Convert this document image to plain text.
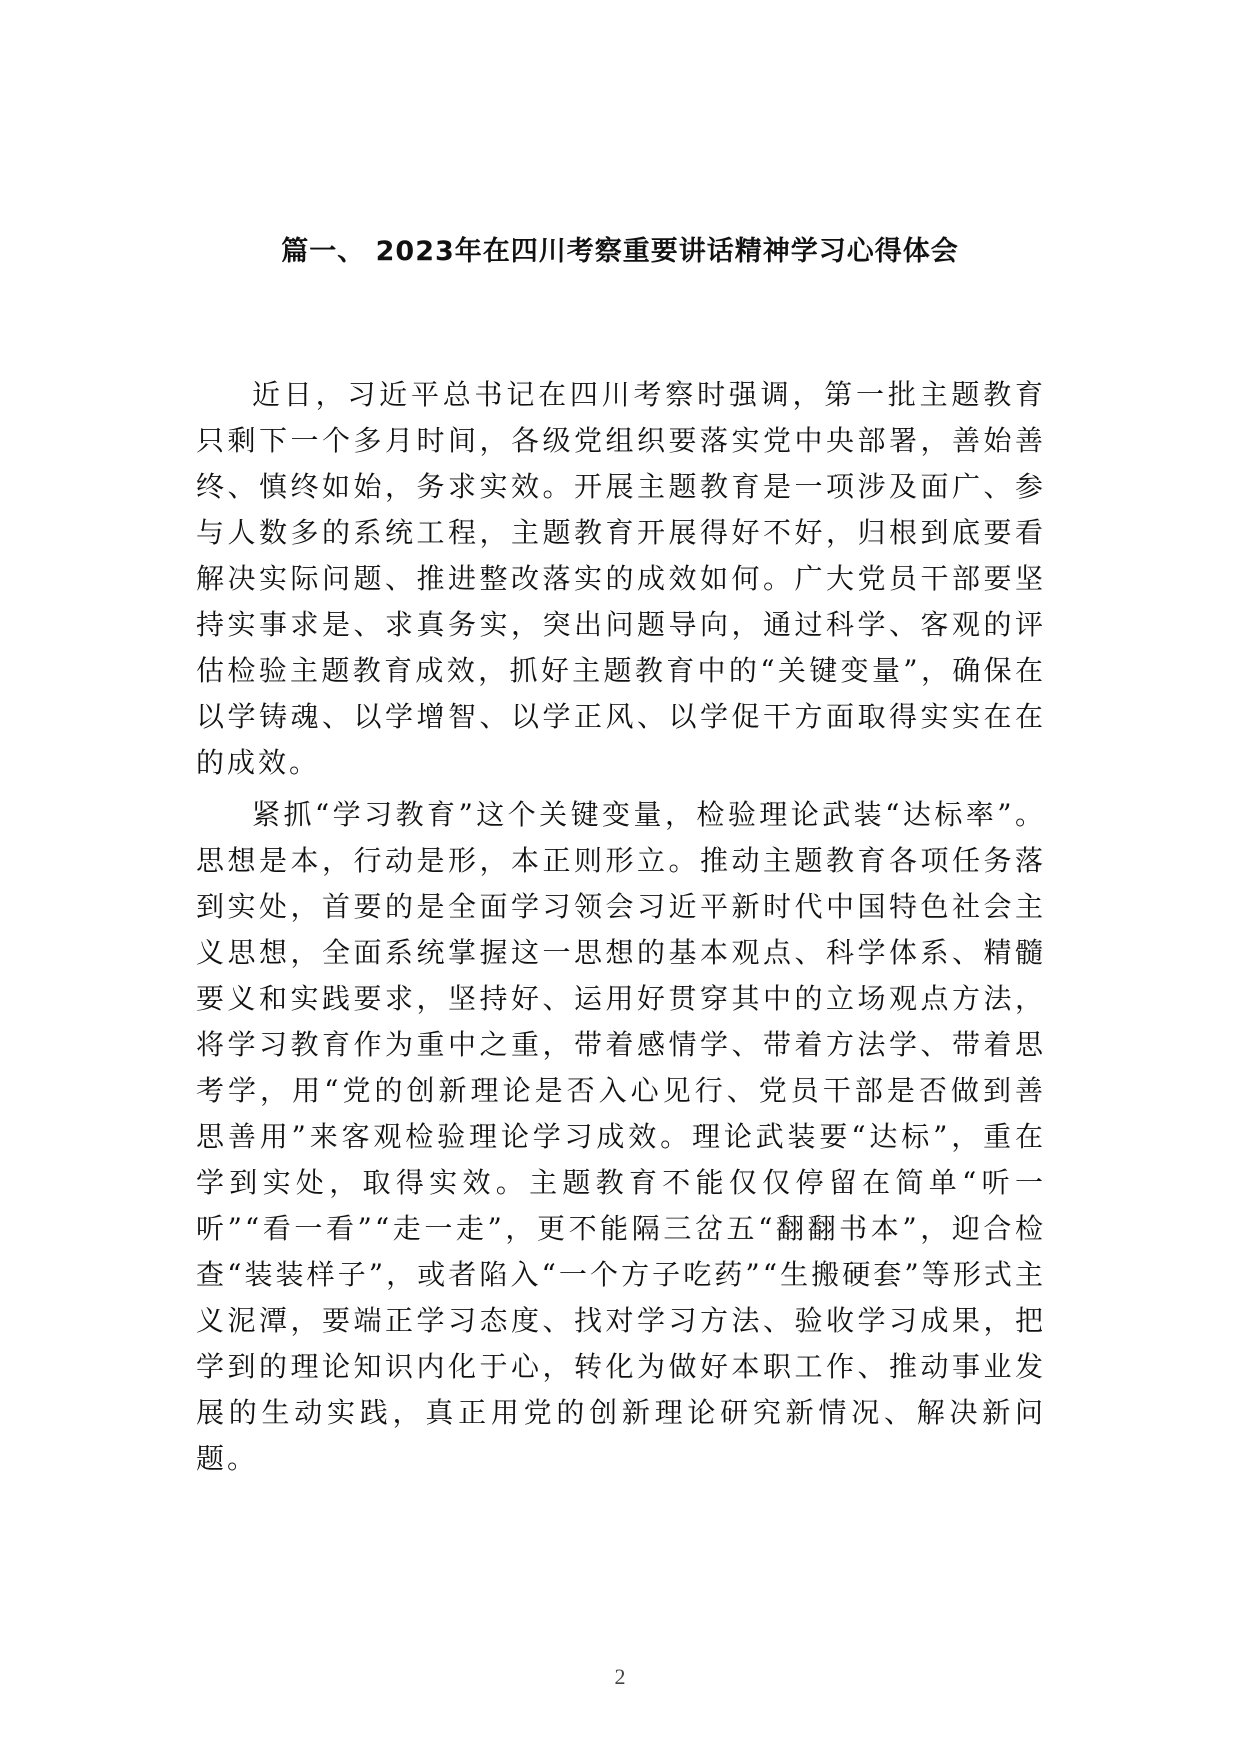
篇一、 2023年在四川考察重要讲话精神学习心得体会

近日，习近平总书记在四川考察时强调，第一批主题教育只剩下一个多月时间，各级党组织要落实党中央部署，善始善终、慎终如始，务求实效。开展主题教育是一项涉及面广、参与人数多的系统工程，主题教育开展得好不好，归根到底要看解决实际问题、推进整改落实的成效如何。广大党员干部要坚持实事求是、求真务实，突出问题导向，通过科学、客观的评估检验主题教育成效，抓好主题教育中的“关键变量”，确保在以学铸魂、以学增智、以学正风、以学促干方面取得实实在在的成效。

紧抓“学习教育”这个关键变量，检验理论武装“达标率”。思想是本，行动是形，本正则形立。推动主题教育各项任务落到实处，首要的是全面学习领会习近平新时代中国特色社会主义思想，全面系统掌握这一思想的基本观点、科学体系、精髓要义和实践要求，坚持好、运用好贯穿其中的立场观点方法，将学习教育作为重中之重，带着感情学、带着方法学、带着思考学，用“党的创新理论是否入心见行、党员干部是否做到善思善用”来客观检验理论学习成效。理论武装要“达标”，重在学到实处，取得实效。主题教育不能仅仅停留在简单“听一听”“看一看”“走一走”，更不能隔三岔五“翻翻书本”，迎合检查“装装样子”，或者陷入“一个方子吃药”“生搬硬套”等形式主义泥潭，要端正学习态度、找对学习方法、验收学习成果，把学到的理论知识内化于心，转化为做好本职工作、推动事业发展的生动实践，真正用党的创新理论研究新情况、解决新问题。

2
